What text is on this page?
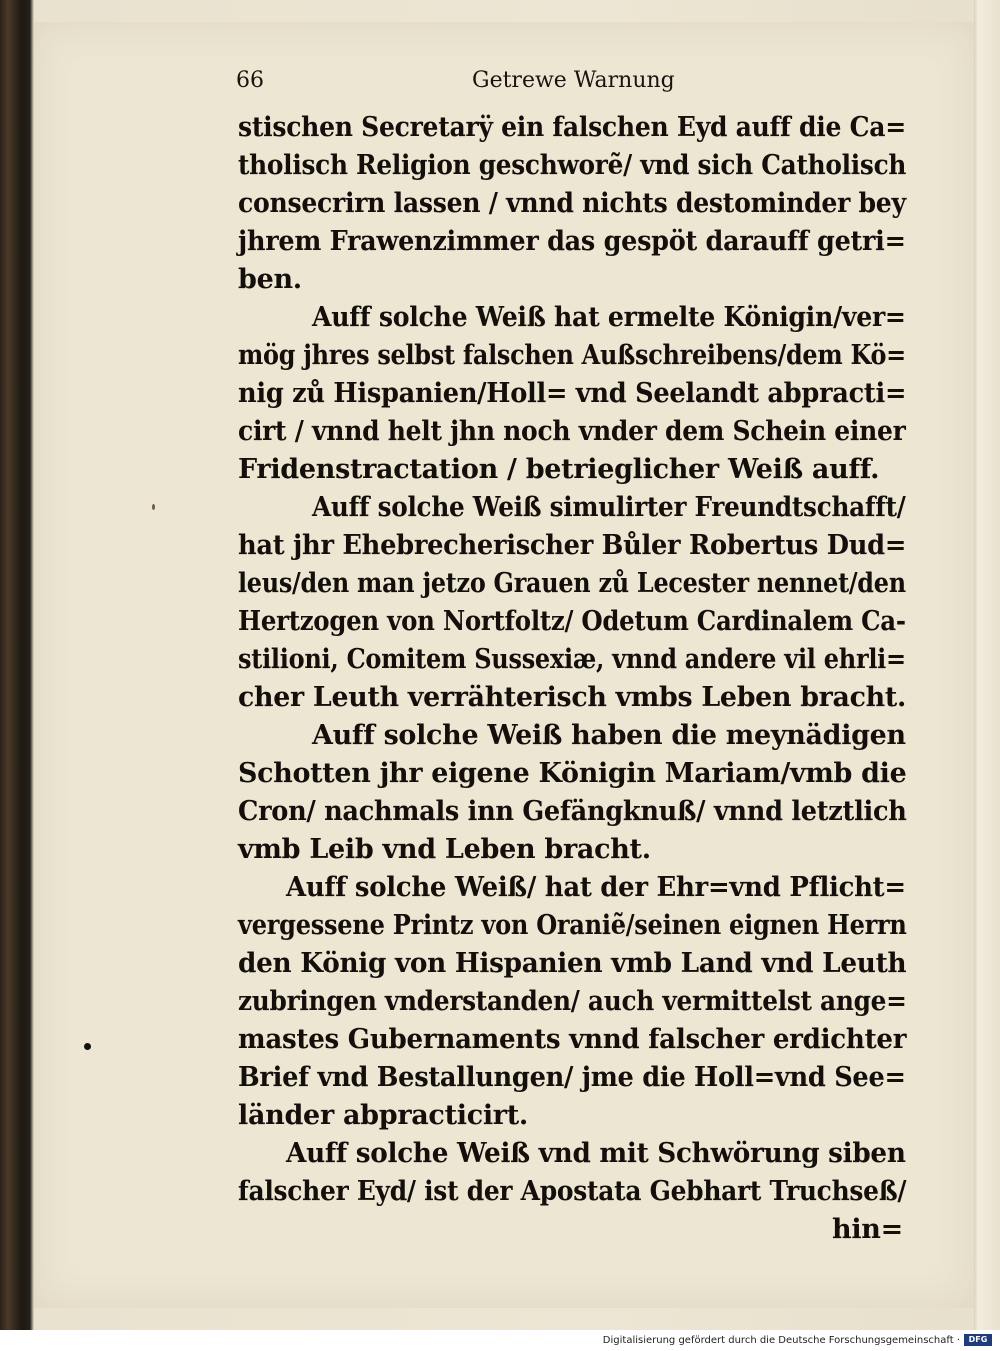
66	Getrewe Warnung
stischen Secretarÿ ein falschen Eyd auff die Ca=
tholisch Religion geschworẽ/ vnd sich Catholisch
consecrirn lassen / vnnd nichts destominder bey
jhrem Frawenzimmer das gespöt darauff getri=
ben.
Auff solche Weiß hat ermelte Königin/ver=
mög jhres selbst falschen Außschreibens/dem Kö=
nig zů Hispanien/Holl= vnd Seelandt abpracti=
cirt / vnnd helt jhn noch vnder dem Schein einer
Fridenstractation / betrieglicher Weiß auff.
Auff solche Weiß simulirter Freundtschafft/
hat jhr Ehebrecherischer Bůler Robertus Dud=
leus/den man jetzo Grauen zů Lecester nennet/den
Hertzogen von Nortfoltz/ Odetum Cardinalem Ca-
stilioni, Comitem Sussexiæ, vnnd andere vil ehrli=
cher Leuth verrähterisch vmbs Leben bracht.
Auff solche Weiß haben die meynädigen
Schotten jhr eigene Königin Mariam/vmb die
Cron/ nachmals inn Gefängknuß/ vnnd letztlich
vmb Leib vnd Leben bracht.
Auff solche Weiß/ hat der Ehr=vnd Pflicht=
vergessene Printz von Oraniẽ/seinen eignen Herrn
den König von Hispanien vmb Land vnd Leuth
zubringen vnderstanden/ auch vermittelst ange=
mastes Gubernaments vnnd falscher erdichter
Brief vnd Bestallungen/ jme die Holl=vnd See=
länder abpracticirt.
Auff solche Weiß vnd mit Schwörung siben
falscher Eyd/ ist der Apostata Gebhart Truchseß/
hin=
Digitalisierung gefördert durch die Deutsche Forschungsgemeinschaft ·	DFG
